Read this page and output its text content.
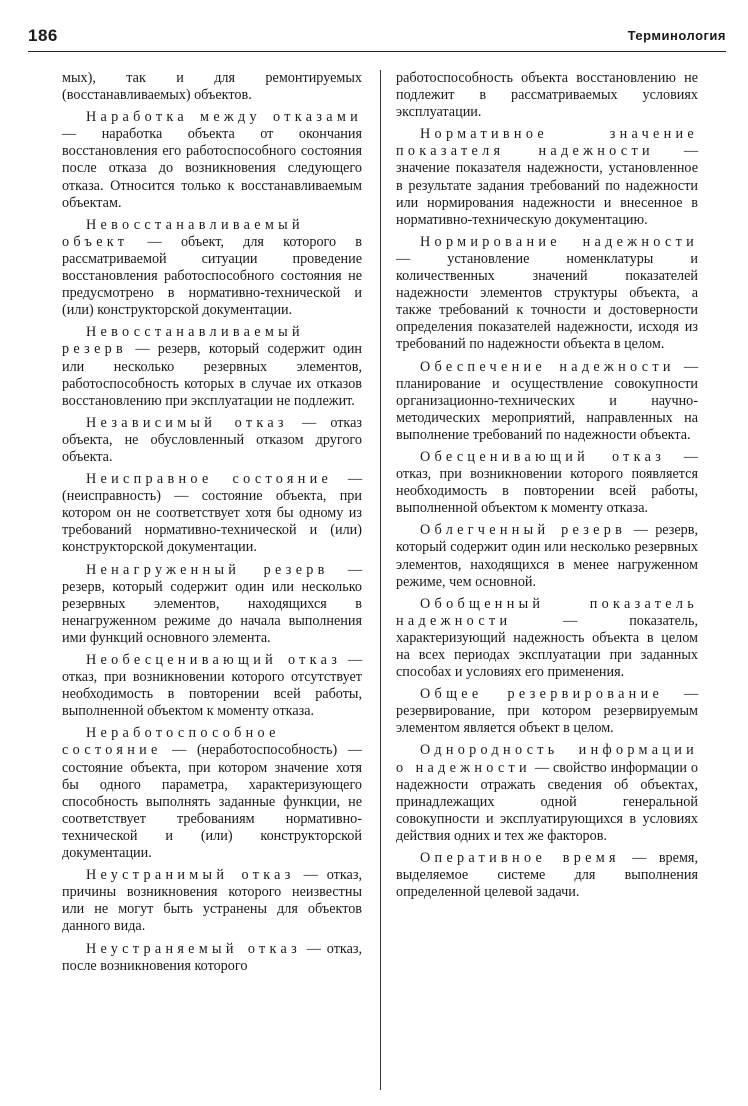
186	Терминология

мых), так и для ремонтируемых (восстанавливаемых) объектов.

Наработка между отказами — наработка объекта от окончания восстановления его работоспособного состояния после отказа до возникновения следующего отказа. Относится только к восстанавливаемым объектам.

Невосстанавливаемый объект — объект, для которого в рассматриваемой ситуации проведение восстановления работоспособного состояния не предусмотрено в нормативно-технической и (или) конструкторской документации.

Невосстанавливаемый резерв — резерв, который содержит один или несколько резервных элементов, работоспособность которых в случае их отказов восстановлению при эксплуатации не подлежит.

Независимый отказ — отказ объекта, не обусловленный отказом другого объекта.

Неисправное состояние — (неисправность) — состояние объекта, при котором он не соответствует хотя бы одному из требований нормативно-технической и (или) конструкторской документации.

Ненагруженный резерв — резерв, который содержит один или несколько резервных элементов, находящихся в ненагруженном режиме до начала выполнения ими функций основного элемента.

Необесценивающий отказ — отказ, при возникновении которого отсутствует необходимость в повторении всей работы, выполненной объектом к моменту отказа.

Неработоспособное состояние — (неработоспособность) — состояние объекта, при котором значение хотя бы одного параметра, характеризующего способность выполнять заданные функции, не соответствует требованиям нормативно-технической и (или) конструкторской документации.

Неустранимый отказ — отказ, причины возникновения которого неизвестны или не могут быть устранены для объектов данного вида.

Неустраняемый отказ — отказ, после возникновения которого

работоспособность объекта восстановлению не подлежит в рассматриваемых условиях эксплуатации.

Нормативное значение показателя надежности — значение показателя надежности, установленное в результате задания требований по надежности или нормирования надежности и внесенное в нормативно-техническую документацию.

Нормирование надежности — установление номенклатуры и количественных значений показателей надежности элементов структуры объекта, а также требований к точности и достоверности определения показателей надежности, исходя из требований по надежности объекта в целом.

Обеспечение надежности — планирование и осуществление совокупности организационно-технических и научно-методических мероприятий, направленных на выполнение требований по надежности объекта.

Обесценивающий отказ — отказ, при возникновении которого появляется необходимость в повторении всей работы, выполненной объектом к моменту отказа.

Облегченный резерв — резерв, который содержит один или несколько резервных элементов, находящихся в менее нагруженном режиме, чем основной.

Обобщенный показатель надежности — показатель, характеризующий надежность объекта в целом на всех периодах эксплуатации при заданных способах и условиях его применения.

Общее резервирование — резервирование, при котором резервируемым элементом является объект в целом.

Однородность информации о надежности — свойство информации о надежности отражать сведения об объектах, принадлежащих одной генеральной совокупности и эксплуатирующихся в условиях действия одних и тех же факторов.

Оперативное время — время, выделяемое системе для выполнения определенной целевой задачи.
